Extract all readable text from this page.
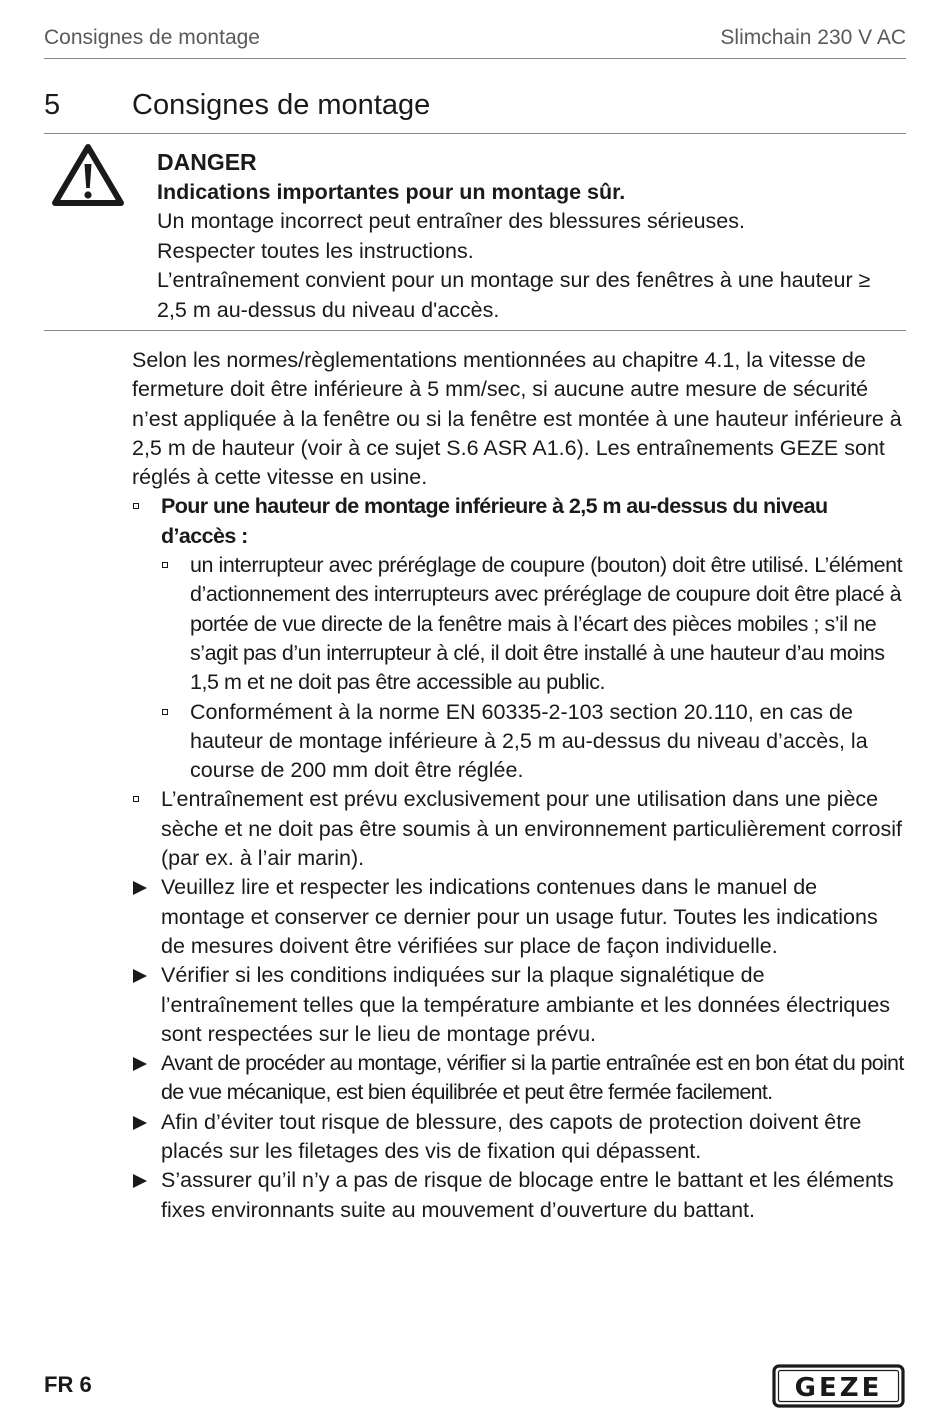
Consignes de montage	Slimchain 230 V AC
5 Consignes de montage

DANGER

Indications importantes pour un montage sûr.

Un montage incorrect peut entraîner des blessures sérieuses.

Respecter toutes les instructions.

L’entraînement convient pour un montage sur des fenêtres à une hauteur ≥ 2,5 m au-dessus du niveau d'accès.

Selon les normes/règlementations mentionnées au chapitre 4.1, la vitesse de fermeture doit être inférieure à 5 mm/sec, si aucune autre mesure de sécurité n’est appliquée à la fenêtre ou si la fenêtre est montée à une hauteur inférieure à 2,5 m de hauteur (voir à ce sujet S.6 ASR A1.6). Les entraînements GEZE sont réglés à cette vitesse en usine.

Pour une hauteur de montage inférieure à 2,5 m au-dessus du niveau d’accès :
un interrupteur avec préréglage de coupure (bouton) doit être utilisé. L’élément d’actionnement des interrupteurs avec préréglage de coupure doit être placé à portée de vue directe de la fenêtre mais à l’écart des pièces mobiles ; s’il ne s’agit pas d’un interrupteur à clé, il doit être installé à une hauteur d’au moins 1,5 m et ne doit pas être accessible au public.
Conformément à la norme EN 60335-2-103 section 20.110, en cas de hauteur de montage inférieure à 2,5 m au-dessus du niveau d’accès, la course de 200 mm doit être réglée.
L’entraînement est prévu exclusivement pour une utilisation dans une pièce sèche et ne doit pas être soumis à un environnement particulièrement corrosif (par ex. à l’air marin).
Veuillez lire et respecter les indications contenues dans le manuel de montage et conserver ce dernier pour un usage futur. Toutes les indications de mesures doivent être vérifiées sur place de façon individuelle.
Vérifier si les conditions indiquées sur la plaque signalétique de l’entraînement telles que la température ambiante et les données électriques sont respectées sur le lieu de montage prévu.
Avant de procéder au montage, vérifier si la partie entraînée est en bon état du point de vue mécanique, est bien équilibrée et peut être fermée facilement.
Afin d’éviter tout risque de blessure, des capots de protection doivent être placés sur les filetages des vis de fixation qui dépassent.
S’assurer qu’il n’y a pas de risque de blocage entre le battant et les éléments fixes environnants suite au mouvement d’ouverture du battant.
FR 6	GEZE
